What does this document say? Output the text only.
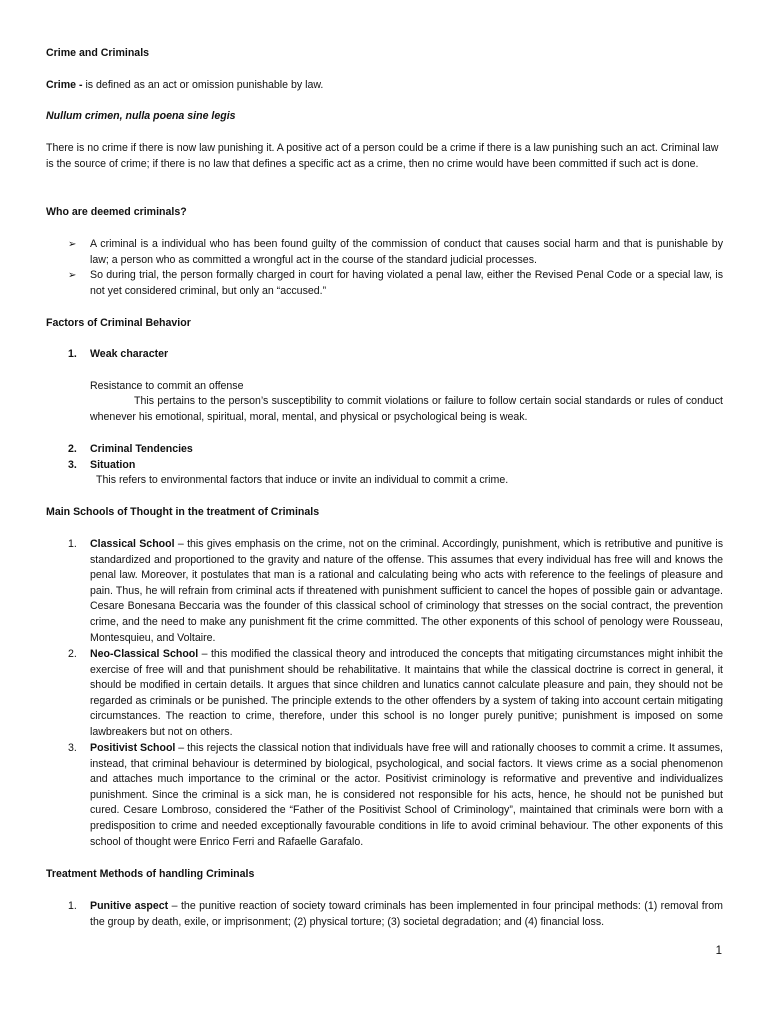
Crime and Criminals

Crime - is defined as an act or omission punishable by law.

Nullum crimen, nulla poena sine legis

There is no crime if there is now law punishing it. A positive act of a person could be a crime if there is a law punishing such an act. Criminal law is the source of crime; if there is no law that defines a specific act as a crime, then no crime would have been committed if such act is done.

Who are deemed criminals?

➢	A criminal is a individual who has been found guilty of the commission of conduct that causes social harm and that is punishable by law; a person who as committed a wrongful act in the course of the standard judicial processes.
➢	So during trial, the person formally charged in court for having violated a penal law, either the Revised Penal Code or a special law, is not yet considered criminal, but only an “accused.”

Factors of Criminal Behavior

1. Weak character

Resistance to commit an offense

This pertains to the person’s susceptibility to commit violations or failure to follow certain social standards or rules of conduct whenever his emotional, spiritual, moral, mental, and physical or psychological being is weak.

2. Criminal Tendencies
3. Situation

This refers to environmental factors that induce or invite an individual to commit a crime.

Main Schools of Thought in the treatment of Criminals

1. Classical School – this gives emphasis on the crime, not on the criminal. Accordingly, punishment, which is retributive and punitive is standardized and proportioned to the gravity and nature of the offense. This assumes that every individual has free will and knows the penal law. Moreover, it postulates that man is a rational and calculating being who acts with reference to the feelings of pleasure and pain. Thus, he will refrain from criminal acts if threatened with punishment sufficient to cancel the hopes of possible gain or advantage. Cesare Bonesana Beccaria was the founder of this classical school of criminology that stresses on the social contract, the prevention crime, and the need to make any punishment fit the crime committed. The other exponents of this school of penology were Rousseau, Montesquieu, and Voltaire.
2. Neo-Classical School – this modified the classical theory and introduced the concepts that mitigating circumstances might inhibit the exercise of free will and that punishment should be rehabilitative. It maintains that while the classical doctrine is correct in general, it should be modified in certain details. It argues that since children and lunatics cannot calculate pleasure and pain, they should not be regarded as criminals or be punished. The principle extends to the other offenders by a system of taking into account certain mitigating circumstances. The reaction to crime, therefore, under this school is no longer purely punitive; punishment is imposed on some lawbreakers but not on others.
3. Positivist School – this rejects the classical notion that individuals have free will and rationally chooses to commit a crime. It assumes, instead, that criminal behaviour is determined by biological, psychological, and social factors. It views crime as a social phenomenon and attaches much importance to the criminal or the actor. Positivist criminology is reformative and preventive and individualizes punishment. Since the criminal is a sick man, he is considered not responsible for his acts, hence, he should not be punished but cured. Cesare Lombroso, considered the “Father of the Positivist School of Criminology”, maintained that criminals were born with a predisposition to crime and needed exceptionally favourable conditions in life to avoid criminal behaviour. The other exponents of this school of thought were Enrico Ferri and Rafaelle Garafalo.

Treatment Methods of handling Criminals

1. Punitive aspect – the punitive reaction of society toward criminals has been implemented in four principal methods: (1) removal from the group by death, exile, or imprisonment; (2) physical torture; (3) societal degradation; and (4) financial loss.
1
